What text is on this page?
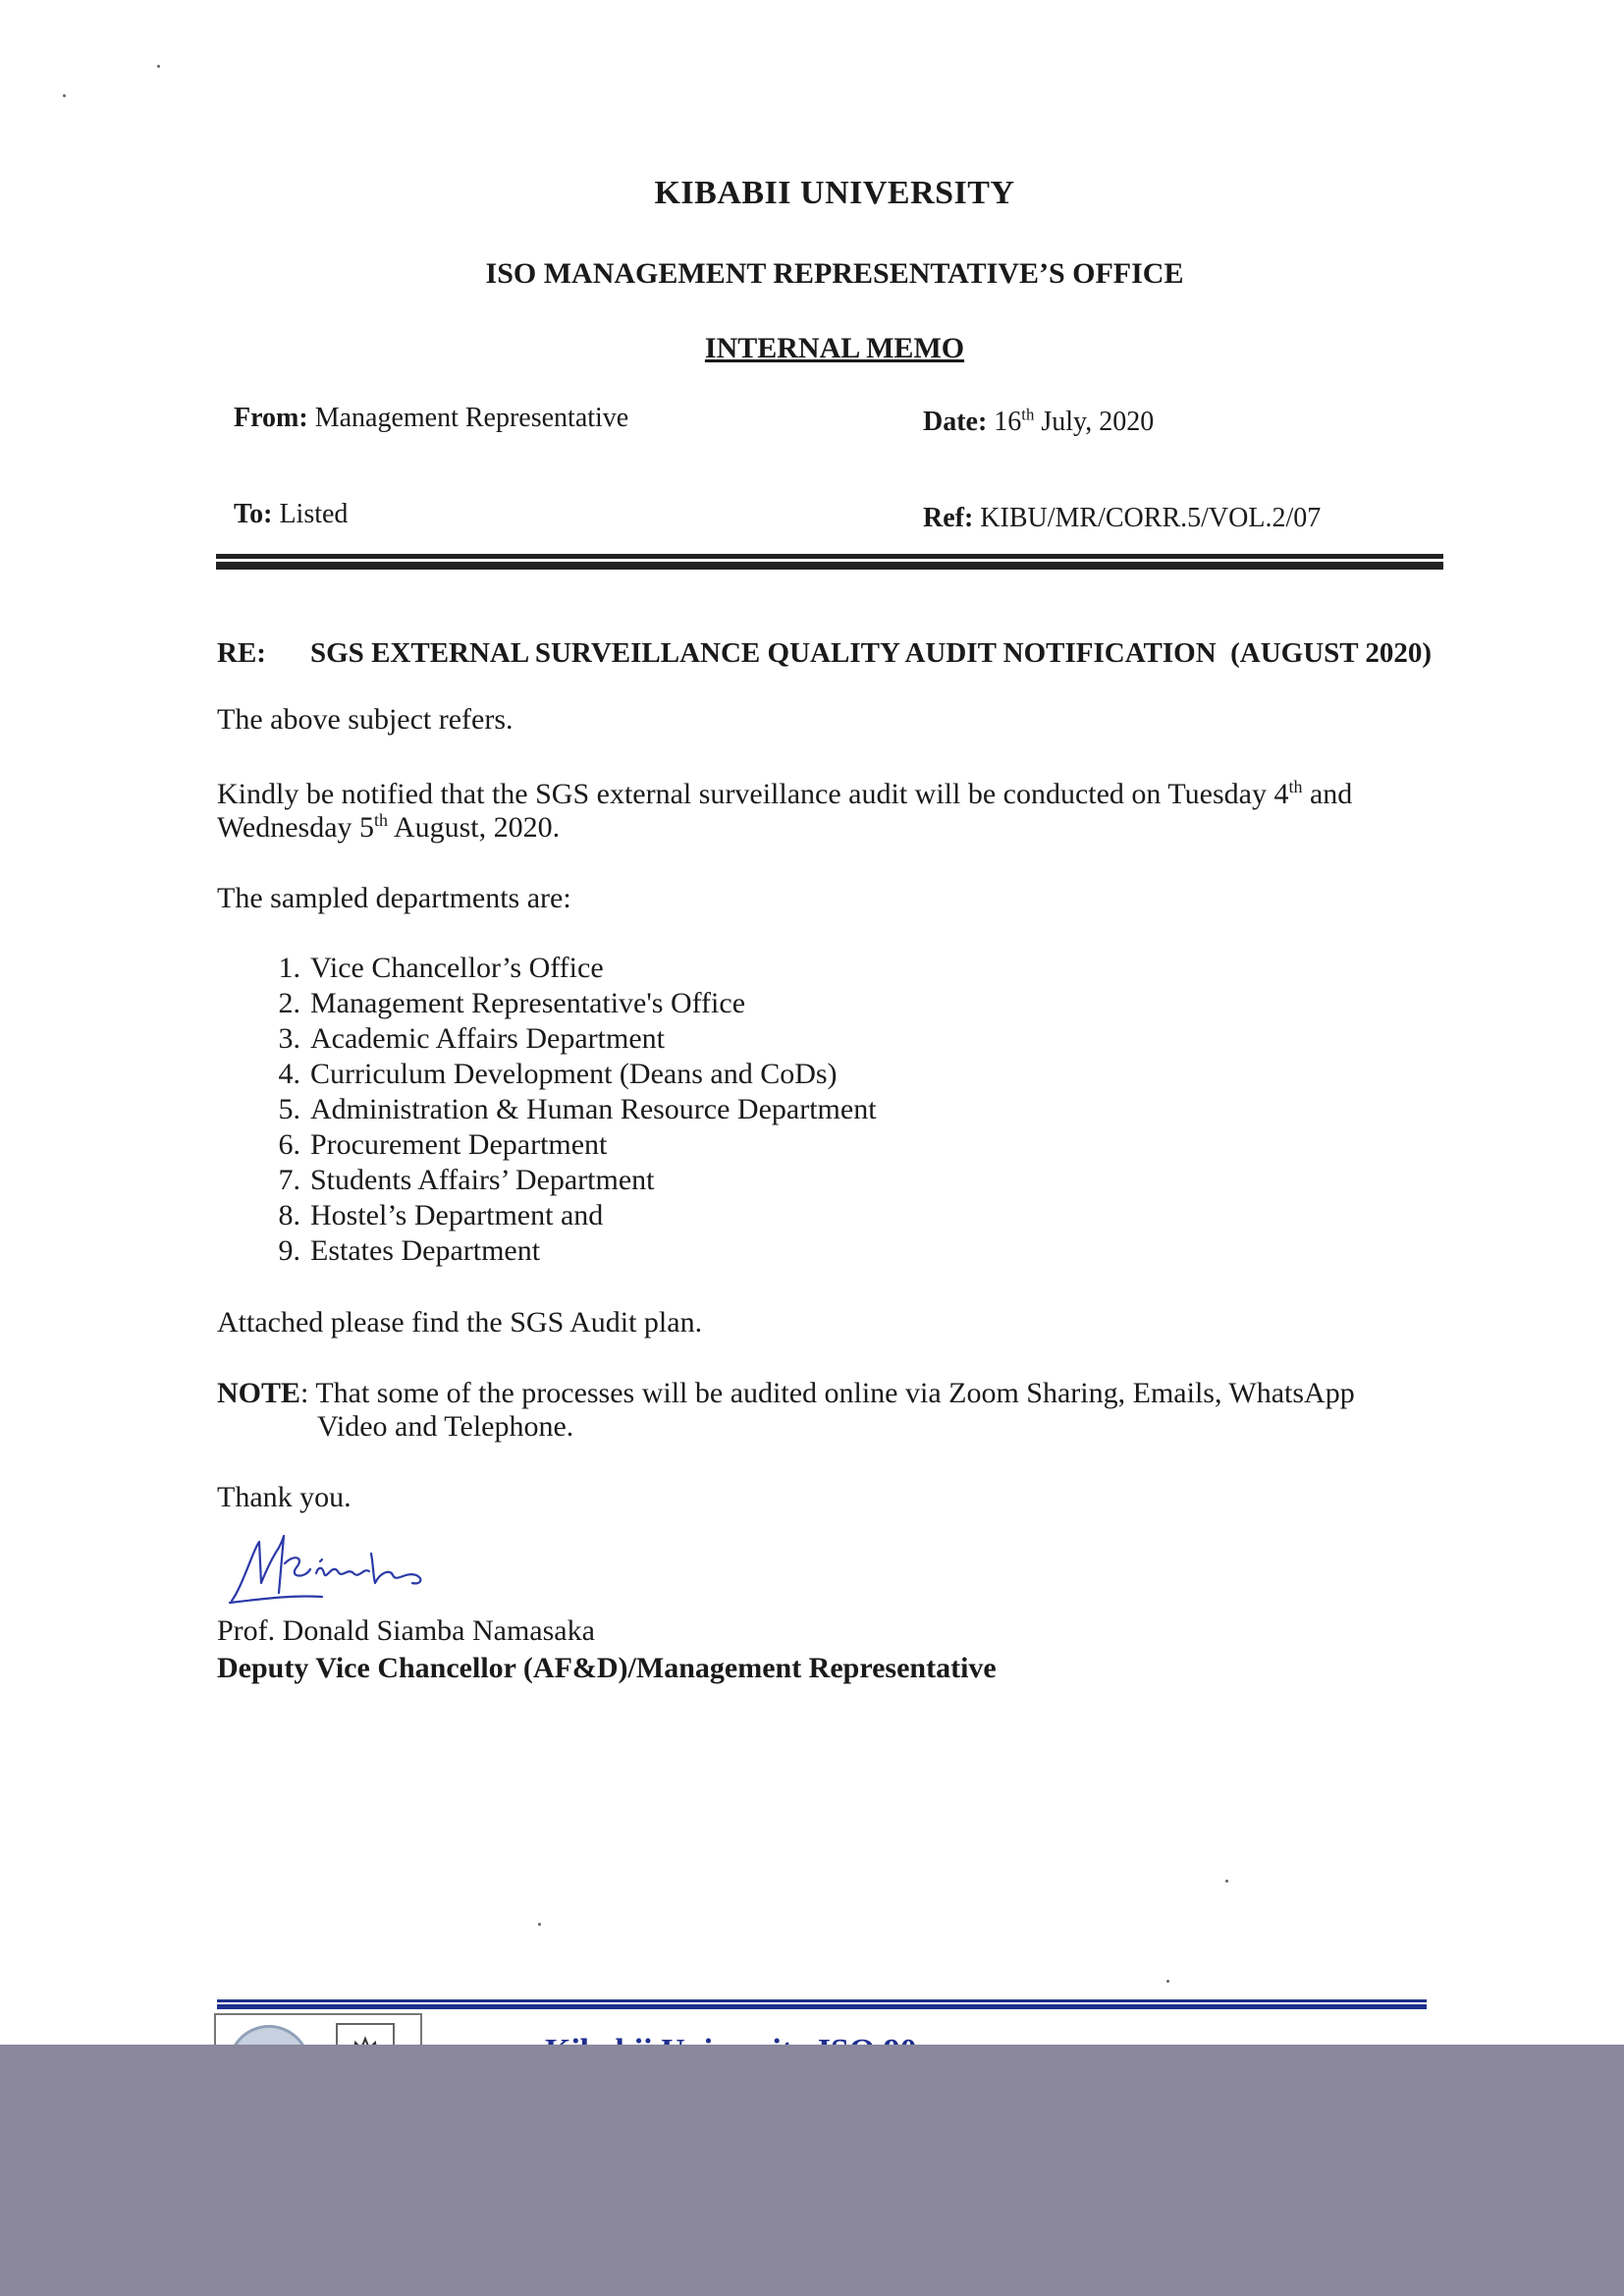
KIBABII UNIVERSITY
ISO MANAGEMENT REPRESENTATIVE’S OFFICE
INTERNAL MEMO
From: Management Representative	Date: 16th July, 2020
To: Listed	Ref: KIBU/MR/CORR.5/VOL.2/07
RE: SGS EXTERNAL SURVEILLANCE QUALITY AUDIT NOTIFICATION (AUGUST 2020)
The above subject refers.
Kindly be notified that the SGS external surveillance audit will be conducted on Tuesday 4th and
Wednesday 5th August, 2020.
The sampled departments are:
1. Vice Chancellor’s Office
2. Management Representative's Office
3. Academic Affairs Department
4. Curriculum Development (Deans and CoDs)
5. Administration & Human Resource Department
6. Procurement Department
7. Students Affairs’ Department
8. Hostel’s Department and
9. Estates Department
Attached please find the SGS Audit plan.
NOTE: That some of the processes will be audited online via Zoom Sharing, Emails, WhatsApp
Video and Telephone.
Thank you.
Prof. Donald Siamba Namasaka
Deputy Vice Chancellor (AF&D)/Management Representative
